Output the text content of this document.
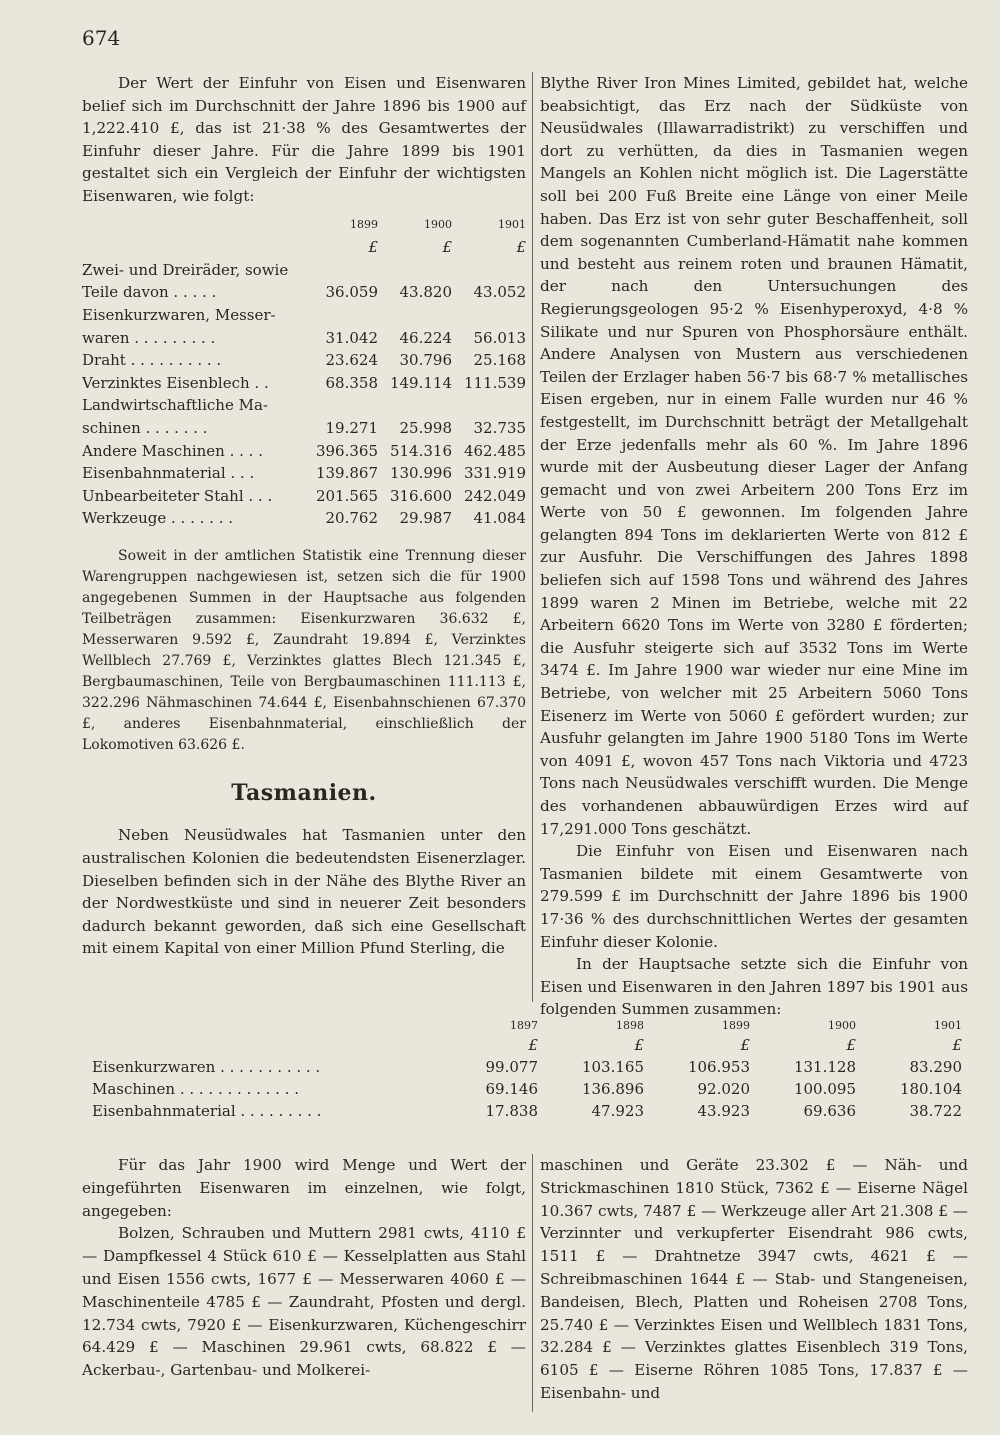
674

Der Wert der Einfuhr von Eisen und Eisenwaren belief sich im Durchschnitt der Jahre 1896 bis 1900 auf 1,222.410 £, das ist 21·38 % des Gesamtwertes der Einfuhr dieser Jahre. Für die Jahre 1899 bis 1901 gestaltet sich ein Vergleich der Einfuhr der wichtigsten Eisenwaren, wie folgt:

	1899	1900	1901
	£	£	£
Zwei- und Dreiräder, sowie			
Teile davon . . . . .	36.059	43.820	43.052
Eisenkurzwaren, Messer-			
waren . . . . . . . . .	31.042	46.224	56.013
Draht . . . . . . . . . .	23.624	30.796	25.168
Verzinktes Eisenblech . .	68.358	149.114	111.539
Landwirtschaftliche Ma-			
schinen . . . . . . .	19.271	25.998	32.735
Andere Maschinen . . . .	396.365	514.316	462.485
Eisenbahnmaterial . . .	139.867	130.996	331.919
Unbearbeiteter Stahl . . .	201.565	316.600	242.049
Werkzeuge . . . . . . .	20.762	29.987	41.084

Soweit in der amtlichen Statistik eine Trennung dieser Warengruppen nachgewiesen ist, setzen sich die für 1900 angegebenen Summen in der Hauptsache aus folgenden Teilbeträgen zusammen: Eisenkurzwaren 36.632 £, Messerwaren 9.592 £, Zaundraht 19.894 £, Verzinktes Wellblech 27.769 £, Verzinktes glattes Blech 121.345 £, Bergbaumaschinen, Teile von Bergbaumaschinen 111.113 £, 322.296 Nähmaschinen 74.644 £, Eisenbahnschienen 67.370 £, anderes Eisenbahnmaterial, einschließlich der Lokomotiven 63.626 £.

Tasmanien.

Neben Neusüdwales hat Tasmanien unter den australischen Kolonien die bedeutendsten Eisenerzlager. Dieselben befinden sich in der Nähe des Blythe River an der Nordwestküste und sind in neuerer Zeit besonders dadurch bekannt geworden, daß sich eine Gesellschaft mit einem Kapital von einer Million Pfund Sterling, die

Blythe River Iron Mines Limited, gebildet hat, welche beabsichtigt, das Erz nach der Südküste von Neusüdwales (Illawarradistrikt) zu verschiffen und dort zu verhütten, da dies in Tasmanien wegen Mangels an Kohlen nicht möglich ist. Die Lagerstätte soll bei 200 Fuß Breite eine Länge von einer Meile haben. Das Erz ist von sehr guter Beschaffenheit, soll dem sogenannten Cumberland-Hämatit nahe kommen und besteht aus reinem roten und braunen Hämatit, der nach den Untersuchungen des Regierungsgeologen 95·2 % Eisenhyperoxyd, 4·8 % Silikate und nur Spuren von Phosphorsäure enthält. Andere Analysen von Mustern aus verschiedenen Teilen der Erzlager haben 56·7 bis 68·7 % metallisches Eisen ergeben, nur in einem Falle wurden nur 46 % festgestellt, im Durchschnitt beträgt der Metallgehalt der Erze jedenfalls mehr als 60 %. Im Jahre 1896 wurde mit der Ausbeutung dieser Lager der Anfang gemacht und von zwei Arbeitern 200 Tons Erz im Werte von 50 £ gewonnen. Im folgenden Jahre gelangten 894 Tons im deklarierten Werte von 812 £ zur Ausfuhr. Die Verschiffungen des Jahres 1898 beliefen sich auf 1598 Tons und während des Jahres 1899 waren 2 Minen im Betriebe, welche mit 22 Arbeitern 6620 Tons im Werte von 3280 £ förderten; die Ausfuhr steigerte sich auf 3532 Tons im Werte 3474 £. Im Jahre 1900 war wieder nur eine Mine im Betriebe, von welcher mit 25 Arbeitern 5060 Tons Eisenerz im Werte von 5060 £ gefördert wurden; zur Ausfuhr gelangten im Jahre 1900 5180 Tons im Werte von 4091 £, wovon 457 Tons nach Viktoria und 4723 Tons nach Neusüdwales verschifft wurden. Die Menge des vorhandenen abbauwürdigen Erzes wird auf 17,291.000 Tons geschätzt.

Die Einfuhr von Eisen und Eisenwaren nach Tasmanien bildete mit einem Gesamtwerte von 279.599 £ im Durchschnitt der Jahre 1896 bis 1900 17·36 % des durchschnittlichen Wertes der gesamten Einfuhr dieser Kolonie.

In der Hauptsache setzte sich die Einfuhr von Eisen und Eisenwaren in den Jahren 1897 bis 1901 aus folgenden Summen zusammen:

	1897	1898	1899	1900	1901
	£	£	£	£	£
Eisenkurzwaren . . . . . . . . . . .	99.077	103.165	106.953	131.128	83.290
Maschinen . . . . . . . . . . . . .	69.146	136.896	92.020	100.095	180.104
Eisenbahnmaterial . . . . . . . . .	17.838	47.923	43.923	69.636	38.722

Für das Jahr 1900 wird Menge und Wert der eingeführten Eisenwaren im einzelnen, wie folgt, angegeben:

Bolzen, Schrauben und Muttern 2981 cwts, 4110 £ — Dampfkessel 4 Stück 610 £ — Kesselplatten aus Stahl und Eisen 1556 cwts, 1677 £ — Messerwaren 4060 £ — Maschinenteile 4785 £ — Zaundraht, Pfosten und dergl. 12.734 cwts, 7920 £ — Eisenkurzwaren, Küchengeschirr 64.429 £ — Maschinen 29.961 cwts, 68.822 £ — Ackerbau-, Gartenbau- und Molkerei-

maschinen und Geräte 23.302 £ — Näh- und Strickmaschinen 1810 Stück, 7362 £ — Eiserne Nägel 10.367 cwts, 7487 £ — Werkzeuge aller Art 21.308 £ — Verzinnter und verkupferter Eisendraht 986 cwts, 1511 £ — Drahtnetze 3947 cwts, 4621 £ — Schreibmaschinen 1644 £ — Stab- und Stangeneisen, Bandeisen, Blech, Platten und Roheisen 2708 Tons, 25.740 £ — Verzinktes Eisen und Wellblech 1831 Tons, 32.284 £ — Verzinktes glattes Eisenblech 319 Tons, 6105 £ — Eiserne Röhren 1085 Tons, 17.837 £ — Eisenbahn- und
